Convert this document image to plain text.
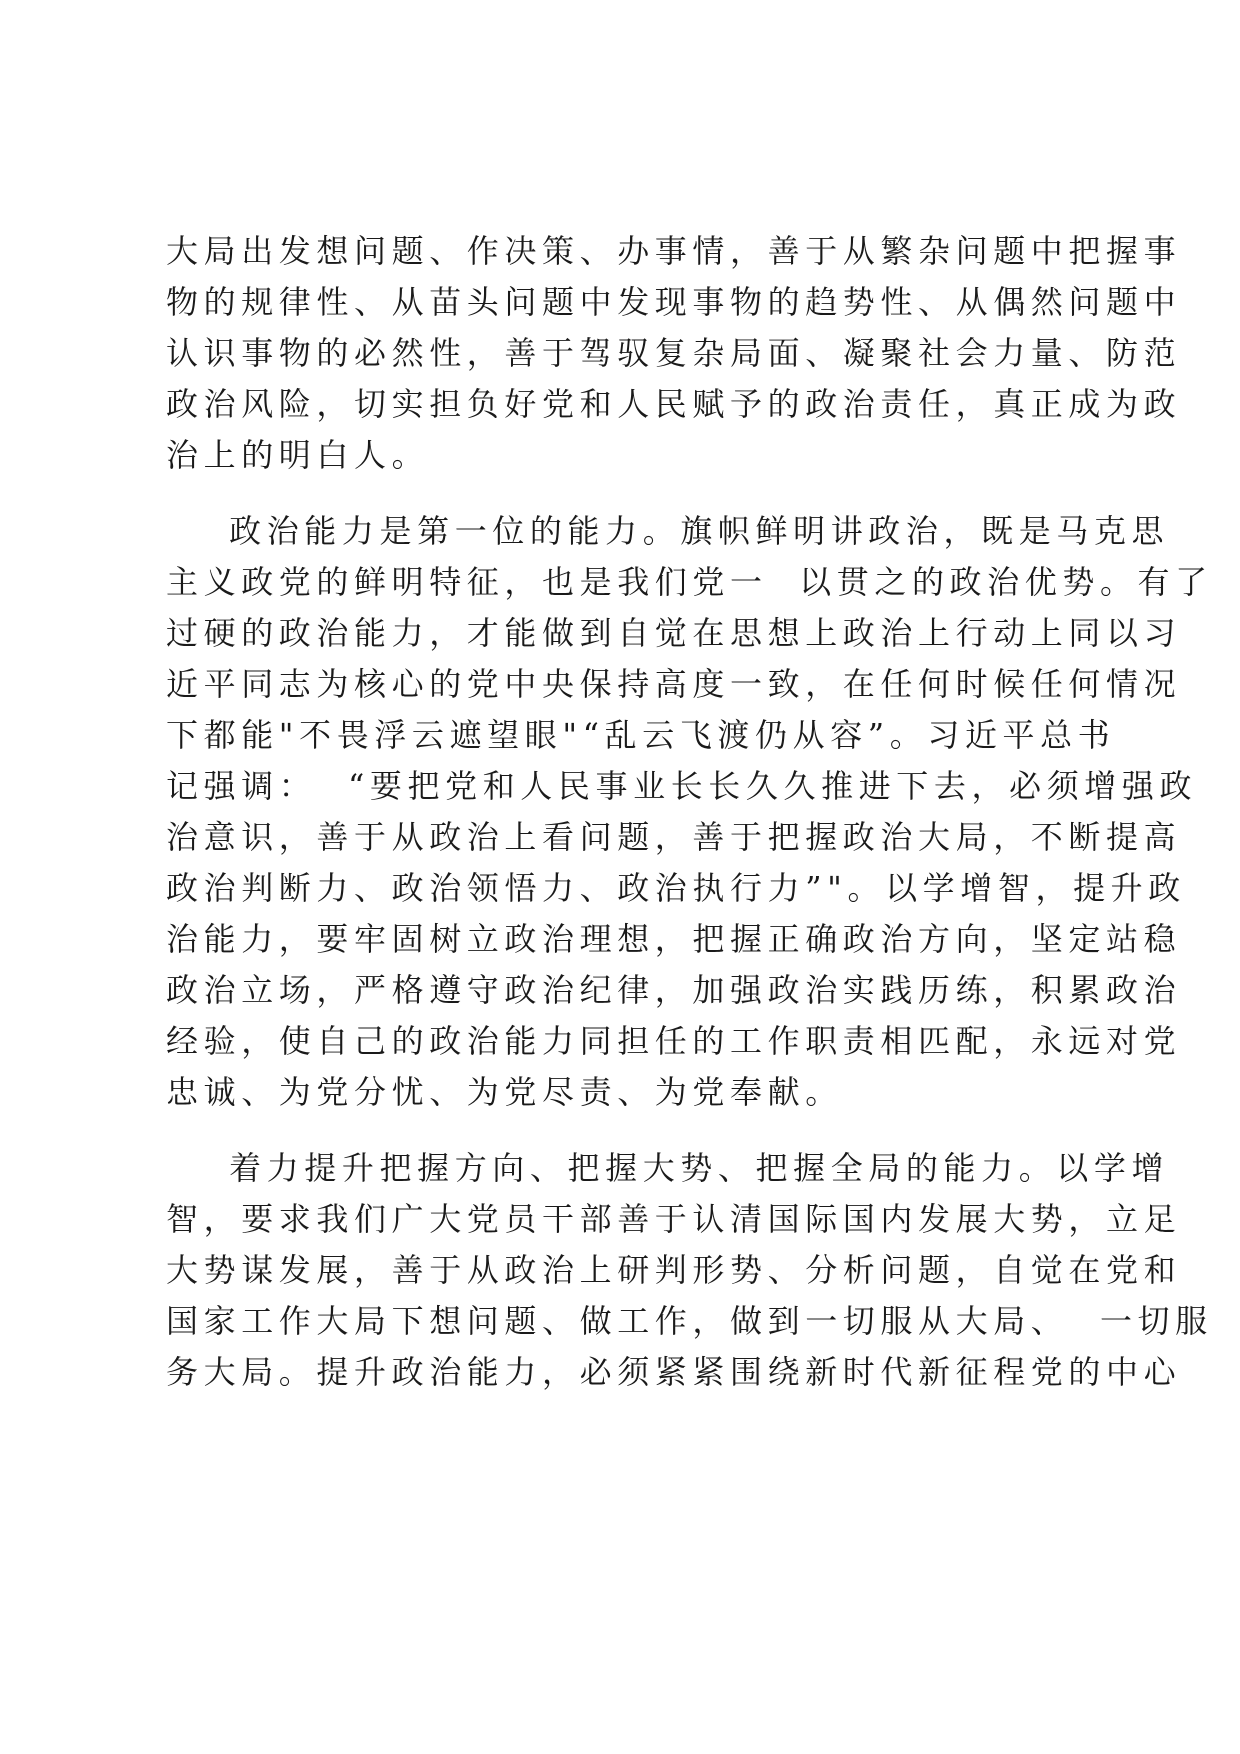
大局出发想问题、作决策、办事情，善于从繁杂问题中把握事
物的规律性、从苗头问题中发现事物的趋势性、从偶然问题中
认识事物的必然性，善于驾驭复杂局面、凝聚社会力量、防范
政治风险，切实担负好党和人民赋予的政治责任，真正成为政
治上的明白人。
政治能力是第一位的能力。旗帜鲜明讲政治，既是马克思
主义政党的鲜明特征，也是我们党一  以贯之的政治优势。有了
过硬的政治能力，才能做到自觉在思想上政治上行动上同以习
近平同志为核心的党中央保持高度一致，在任何时候任何情况
下都能"不畏浮云遮望眼"“乱云飞渡仍从容”。习近平总书
记强调：  “要把党和人民事业长长久久推进下去，必须增强政
治意识，善于从政治上看问题，善于把握政治大局，不断提高
政治判断力、政治领悟力、政治执行力”"。以学增智，提升政
治能力，要牢固树立政治理想，把握正确政治方向，坚定站稳
政治立场，严格遵守政治纪律，加强政治实践历练，积累政治
经验，使自己的政治能力同担任的工作职责相匹配，永远对党
忠诚、为党分忧、为党尽责、为党奉献。
着力提升把握方向、把握大势、把握全局的能力。以学增
智，要求我们广大党员干部善于认清国际国内发展大势，立足
大势谋发展，善于从政治上研判形势、分析问题，自觉在党和
国家工作大局下想问题、做工作，做到一切服从大局、  一切服
务大局。提升政治能力，必须紧紧围绕新时代新征程党的中心
